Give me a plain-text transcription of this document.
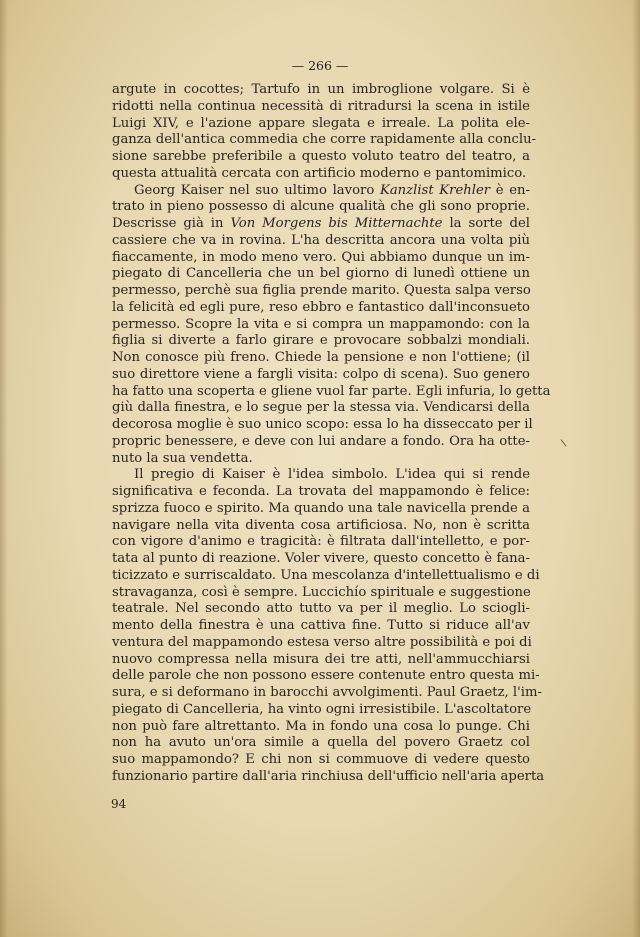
— 266 —
argute in cocottes; Tartufo in un imbroglione volgare. Si è
ridotti nella continua necessità di ritradursi la scena in istile
Luigi XIV, e l'azione appare slegata e irreale. La polita ele-
ganza dell'antica commedia che corre rapidamente alla conclu-
sione sarebbe preferibile a questo voluto teatro del teatro, a
questa attualità cercata con artificio moderno e pantomimico.
Georg Kaiser nel suo ultimo lavoro Kanzlist Krehler è en-
trato in pieno possesso di alcune qualità che gli sono proprie.
Descrisse già in Von Morgens bis Mitternachte la sorte del
cassiere che va in rovina. L'ha descritta ancora una volta più
fiaccamente, in modo meno vero. Qui abbiamo dunque un im-
piegato di Cancelleria che un bel giorno di lunedì ottiene un
permesso, perchè sua figlia prende marito. Questa salpa verso
la felicità ed egli pure, reso ebbro e fantastico dall'inconsueto
permesso. Scopre la vita e si compra un mappamondo: con la
figlia si diverte a farlo girare e provocare sobbalzi mondiali.
Non conosce più freno. Chiede la pensione e non l'ottiene; (il
suo direttore viene a fargli visita: colpo di scena). Suo genero
ha fatto una scoperta e gliene vuol far parte. Egli infuria, lo getta
giù dalla finestra, e lo segue per la stessa via. Vendicarsi della
decorosa moglie è suo unico scopo: essa lo ha disseccato per il
propric benessere, e deve con lui andare a fondo. Ora ha otte-
nuto la sua vendetta.
Il pregio di Kaiser è l'idea simbolo. L'idea qui si rende
significativa e feconda. La trovata del mappamondo è felice:
sprizza fuoco e spirito. Ma quando una tale navicella prende a
navigare nella vita diventa cosa artificiosa. No, non è scritta
con vigore d'animo e tragicità: è filtrata dall'intelletto, e por-
tata al punto di reazione. Voler vivere, questo concetto è fana-
ticizzato e surriscaldato. Una mescolanza d'intellettualismo e di
stravaganza, così è sempre. Luccichío spirituale e suggestione
teatrale. Nel secondo atto tutto va per il meglio. Lo sciogli-
mento della finestra è una cattiva fine. Tutto si riduce all'av
ventura del mappamondo estesa verso altre possibilità e poi di
nuovo compressa nella misura dei tre atti, nell'ammucchiarsi
delle parole che non possono essere contenute entro questa mi-
sura, e si deformano in barocchi avvolgimenti. Paul Graetz, l'im-
piegato di Cancelleria, ha vinto ogni irresistibile. L'ascoltatore
non può fare altrettanto. Ma in fondo una cosa lo punge. Chi
non ha avuto un'ora simile a quella del povero Graetz col
suo mappamondo? E chi non si commuove di vedere questo
funzionario partire dall'aria rinchiusa dell'ufficio nell'aria aperta
\
94
